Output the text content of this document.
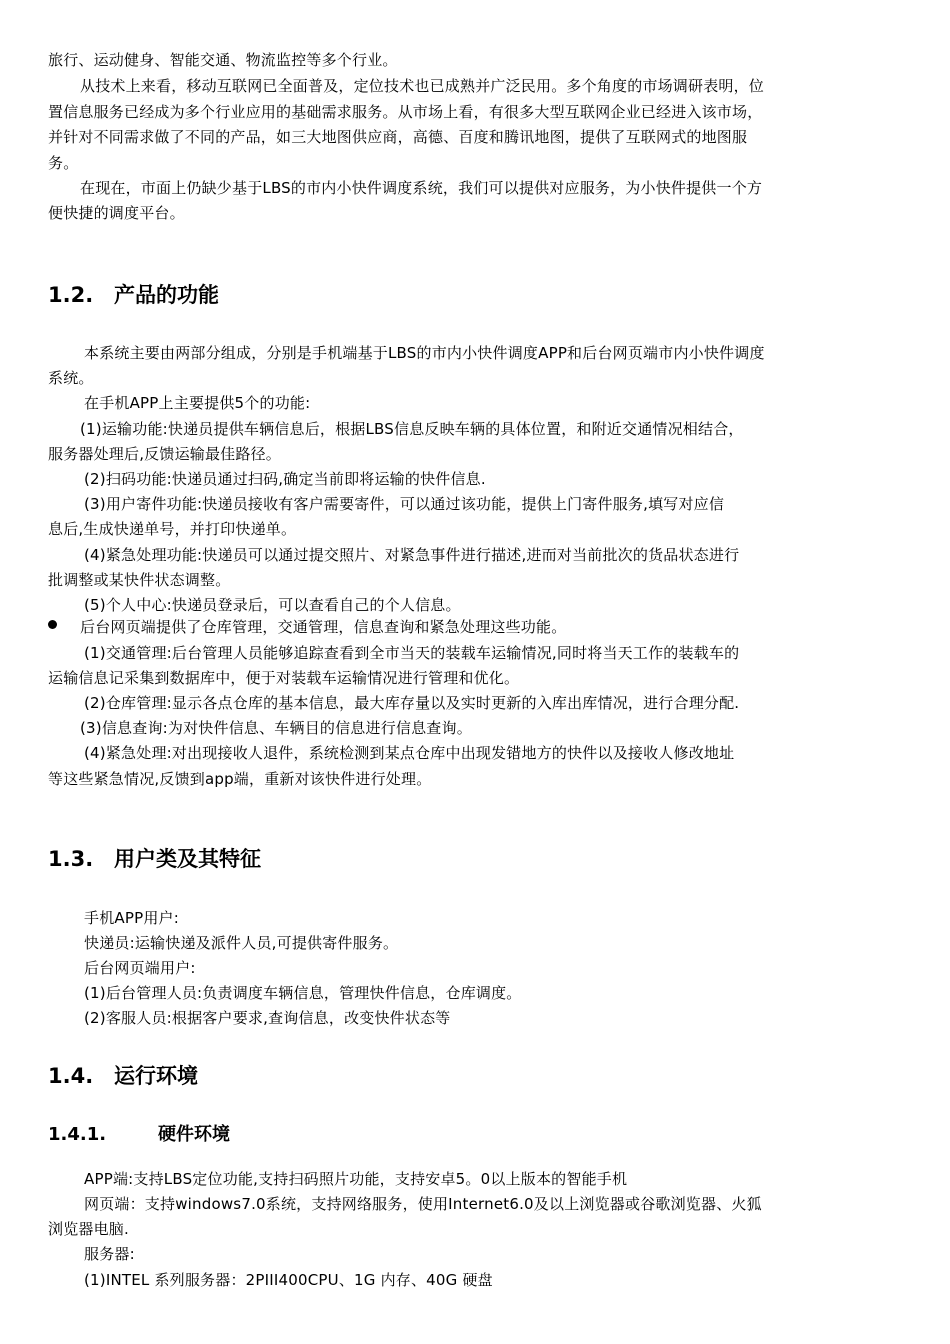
旅行、运动健身、智能交通、物流监控等多个行业。
从技术上来看，移动互联网已全面普及，定位技术也已成熟并广泛民用。多个角度的市场调研表明，位
置信息服务已经成为多个行业应用的基础需求服务。从市场上看，有很多大型互联网企业已经进入该市场，
并针对不同需求做了不同的产品，如三大地图供应商，高德、百度和腾讯地图，提供了互联网式的地图服
务。
在现在，市面上仍缺少基于LBS的市内小快件调度系统，我们可以提供对应服务，为小快件提供一个方
便快捷的调度平台。
1.2. 产品的功能
本系统主要由两部分组成，分别是手机端基于LBS的市内小快件调度APP和后台网页端市内小快件调度
系统。
在手机APP上主要提供5个的功能:
(1)运输功能:快递员提供车辆信息后，根据LBS信息反映车辆的具体位置，和附近交通情况相结合，
服务器处理后,反馈运输最佳路径。
(2)扫码功能:快递员通过扫码,确定当前即将运输的快件信息.
(3)用户寄件功能:快递员接收有客户需要寄件，可以通过该功能，提供上门寄件服务,填写对应信
息后,生成快递单号，并打印快递单。
(4)紧急处理功能:快递员可以通过提交照片、对紧急事件进行描述,进而对当前批次的货品状态进行
批调整或某快件状态调整。
(5)个人中心:快递员登录后，可以查看自己的个人信息。
后台网页端提供了仓库管理，交通管理，信息查询和紧急处理这些功能。
(1)交通管理:后台管理人员能够追踪查看到全市当天的装载车运输情况,同时将当天工作的装载车的
运输信息记采集到数据库中，便于对装载车运输情况进行管理和优化。
(2)仓库管理:显示各点仓库的基本信息，最大库存量以及实时更新的入库出库情况，进行合理分配.
(3)信息查询:为对快件信息、车辆目的信息进行信息查询。
(4)紧急处理:对出现接收人退件，系统检测到某点仓库中出现发错地方的快件以及接收人修改地址
等这些紧急情况,反馈到app端，重新对该快件进行处理。
1.3. 用户类及其特征
手机APP用户:
快递员:运输快递及派件人员,可提供寄件服务。
后台网页端用户:
(1)后台管理人员:负责调度车辆信息，管理快件信息，仓库调度。
(2)客服人员:根据客户要求,查询信息，改变快件状态等
1.4. 运行环境
1.4.1.	硬件环境
APP端:支持LBS定位功能,支持扫码照片功能，支持安卓5。0以上版本的智能手机
网页端：支持windows7.0系统，支持网络服务，使用Internet6.0及以上浏览器或谷歌浏览器、火狐
浏览器电脑.
服务器:
(1)INTEL 系列服务器：2PIII400CPU、1G 内存、40G 硬盘
